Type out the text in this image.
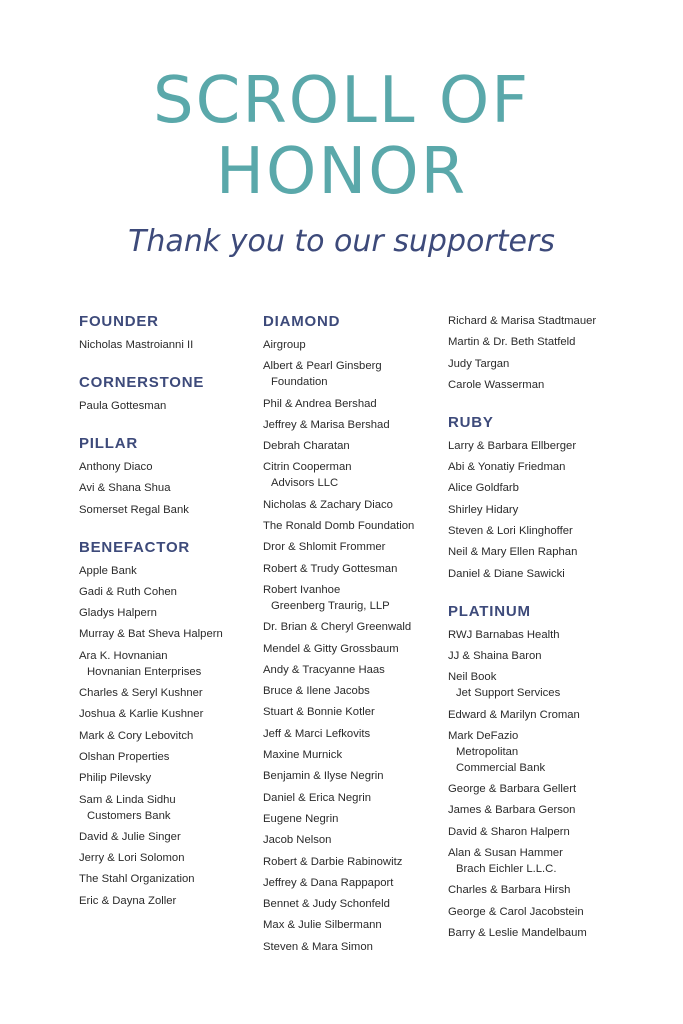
SCROLL OF
HONOR
Thank you to our supporters
FOUNDER
Nicholas Mastroianni II
CORNERSTONE
Paula Gottesman
PILLAR
Anthony Diaco
Avi & Shana Shua
Somerset Regal Bank
BENEFACTOR
Apple Bank
Gadi & Ruth Cohen
Gladys Halpern
Murray & Bat Sheva Halpern
Ara K. Hovnanian
Hovnanian Enterprises
Charles & Seryl Kushner
Joshua & Karlie Kushner
Mark & Cory Lebovitch
Olshan Properties
Philip Pilevsky
Sam & Linda Sidhu
Customers Bank
David & Julie Singer
Jerry & Lori Solomon
The Stahl Organization
Eric & Dayna Zoller
DIAMOND
Airgroup
Albert & Pearl Ginsberg
Foundation
Phil & Andrea Bershad
Jeffrey & Marisa Bershad
Debrah Charatan
Citrin Cooperman
Advisors LLC
Nicholas & Zachary Diaco
The Ronald Domb Foundation
Dror & Shlomit Frommer
Robert & Trudy Gottesman
Robert Ivanhoe
Greenberg Traurig, LLP
Dr. Brian & Cheryl Greenwald
Mendel & Gitty Grossbaum
Andy & Tracyanne Haas
Bruce & Ilene Jacobs
Stuart & Bonnie Kotler
Jeff & Marci Lefkovits
Maxine Murnick
Benjamin & Ilyse Negrin
Daniel & Erica Negrin
Eugene Negrin
Jacob Nelson
Robert & Darbie Rabinowitz
Jeffrey & Dana Rappaport
Bennet & Judy Schonfeld
Max & Julie Silbermann
Steven & Mara Simon
Richard & Marisa Stadtmauer
Martin & Dr. Beth Statfeld
Judy Targan
Carole Wasserman
RUBY
Larry & Barbara Ellberger
Abi & Yonatiy Friedman
Alice Goldfarb
Shirley Hidary
Steven & Lori Klinghoffer
Neil & Mary Ellen Raphan
Daniel & Diane Sawicki
PLATINUM
RWJ Barnabas Health
JJ & Shaina Baron
Neil Book
Jet Support Services
Edward & Marilyn Croman
Mark DeFazio
Metropolitan
Commercial Bank
George & Barbara Gellert
James & Barbara Gerson
David & Sharon Halpern
Alan & Susan Hammer
Brach Eichler L.L.C.
Charles & Barbara Hirsh
George & Carol Jacobstein
Barry & Leslie Mandelbaum
